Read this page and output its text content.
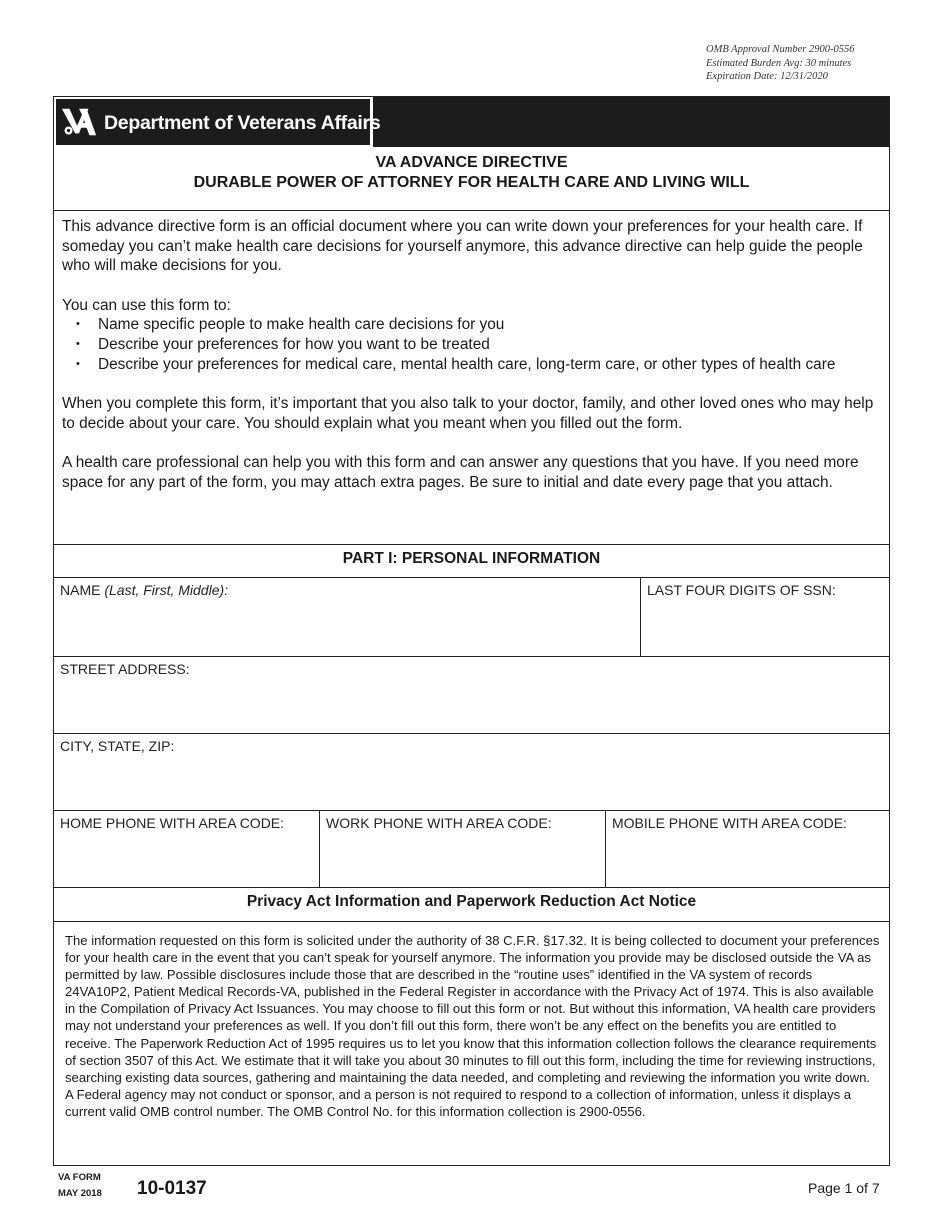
OMB Approval Number 2900-0556
Estimated Burden Avg: 30 minutes
Expiration Date: 12/31/2020
Department of Veterans Affairs
VA ADVANCE DIRECTIVE
DURABLE POWER OF ATTORNEY FOR HEALTH CARE AND LIVING WILL

This advance directive form is an official document where you can write down your preferences for your health care. If someday you can’t make health care decisions for yourself anymore, this advance directive can help guide the people who will make decisions for you.

You can use this form to:
• Name specific people to make health care decisions for you
• Describe your preferences for how you want to be treated
• Describe your preferences for medical care, mental health care, long-term care, or other types of health care

When you complete this form, it’s important that you also talk to your doctor, family, and other loved ones who may help to decide about your care. You should explain what you meant when you filled out the form.

A health care professional can help you with this form and can answer any questions that you have. If you need more space for any part of the form, you may attach extra pages. Be sure to initial and date every page that you attach.

PART I: PERSONAL INFORMATION
NAME (Last, First, Middle):	LAST FOUR DIGITS OF SSN:
STREET ADDRESS:
CITY, STATE, ZIP:
HOME PHONE WITH AREA CODE:	WORK PHONE WITH AREA CODE:	MOBILE PHONE WITH AREA CODE:
Privacy Act Information and Paperwork Reduction Act Notice
The information requested on this form is solicited under the authority of 38 C.F.R. §17.32. It is being collected to document your preferences for your health care in the event that you can’t speak for yourself anymore. The information you provide may be disclosed outside the VA as permitted by law. Possible disclosures include those that are described in the “routine uses” identified in the VA system of records 24VA10P2, Patient Medical Records-VA, published in the Federal Register in accordance with the Privacy Act of 1974. This is also available in the Compilation of Privacy Act Issuances. You may choose to fill out this form or not. But without this information, VA health care providers may not understand your preferences as well. If you don’t fill out this form, there won’t be any effect on the benefits you are entitled to receive. The Paperwork Reduction Act of 1995 requires us to let you know that this information collection follows the clearance requirements of section 3507 of this Act. We estimate that it will take you about 30 minutes to fill out this form, including the time for reviewing instructions, searching existing data sources, gathering and maintaining the data needed, and completing and reviewing the information you write down. A Federal agency may not conduct or sponsor, and a person is not required to respond to a collection of information, unless it displays a current valid OMB control number. The OMB Control No. for this information collection is 2900-0556.
VA FORM
MAY 2018 10-0137	Page 1 of 7
